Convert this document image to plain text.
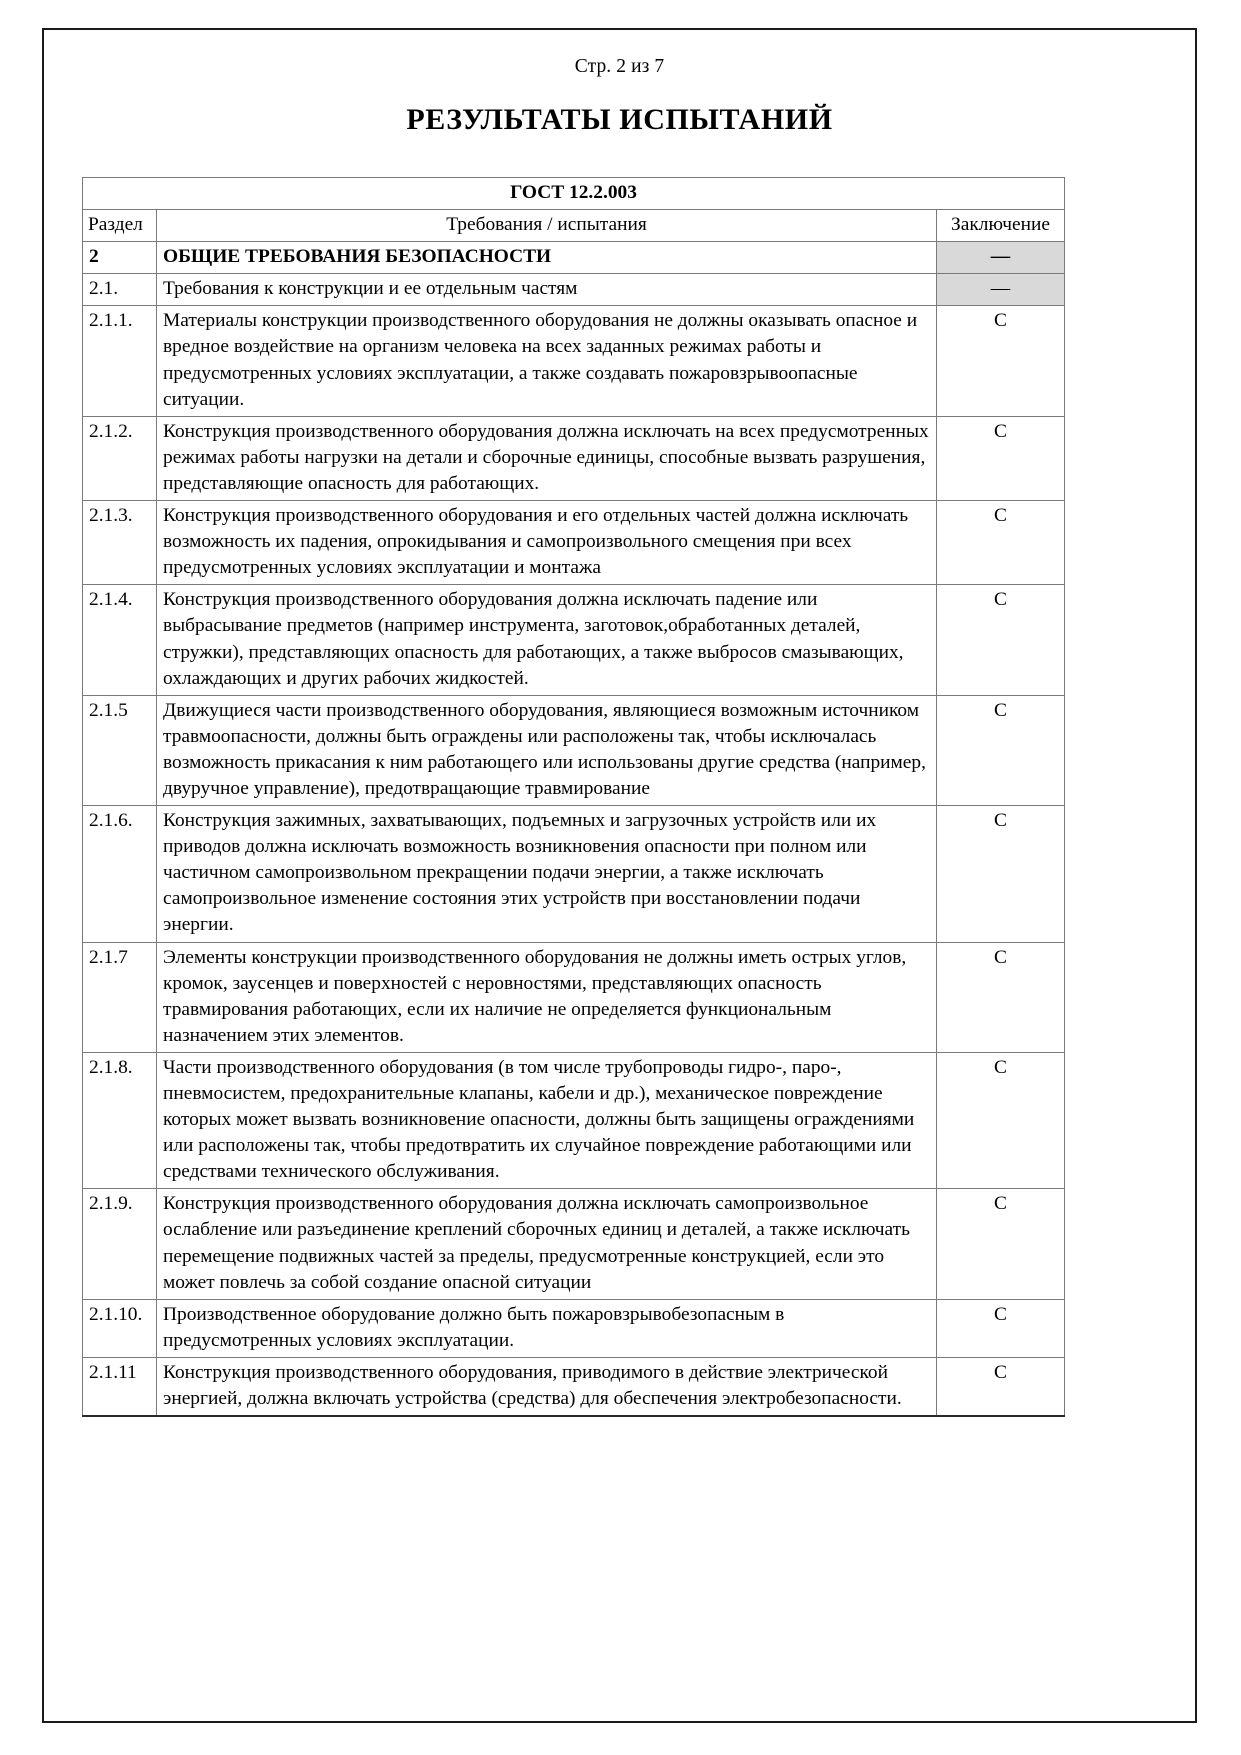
Стр. 2 из 7
РЕЗУЛЬТАТЫ ИСПЫТАНИЙ
ГОСТ 12.2.003		
Раздел	Требования / испытания	Заключение
2	ОБЩИЕ ТРЕБОВАНИЯ БЕЗОПАСНОСТИ	—
2.1.	Требования к конструкции и ее отдельным частям	—
2.1.1.	Материалы конструкции производственного оборудования не должны оказывать опасное и вредное воздействие на организм человека на всех заданных режимах работы и предусмотренных условиях эксплуатации, а также создавать пожаровзрывоопасные ситуации.	С
2.1.2.	Конструкция производственного оборудования должна исключать на всех предусмотренных режимах работы нагрузки на детали и сборочные единицы, способные вызвать разрушения, представляющие опасность для работающих.	С
2.1.3.	Конструкция производственного оборудования и его отдельных частей должна исключать возможность их падения, опрокидывания и самопроизвольного смещения при всех предусмотренных условиях эксплуатации и монтажа	С
2.1.4.	Конструкция производственного оборудования должна исключать падение или выбрасывание предметов (например инструмента, заготовок,обработанных деталей, стружки), представляющих опасность для работающих, а также выбросов смазывающих, охлаждающих и других рабочих жидкостей.	С
2.1.5	Движущиеся части производственного оборудования, являющиеся возможным источником травмоопасности, должны быть ограждены или расположены так, чтобы исключалась возможность прикасания к ним работающего или использованы другие средства (например, двуручное управление), предотвращающие травмирование	С
2.1.6.	Конструкция зажимных, захватывающих, подъемных и загрузочных устройств или их приводов должна исключать возможность возникновения опасности при полном или частичном самопроизвольном прекращении подачи энергии, а также исключать самопроизвольное изменение состояния этих устройств при восстановлении подачи энергии.	С
2.1.7	Элементы конструкции производственного оборудования не должны иметь острых углов, кромок, заусенцев и поверхностей с неровностями, представляющих опасность травмирования работающих, если их наличие не определяется функциональным назначением этих элементов.	С
2.1.8.	Части производственного оборудования (в том числе трубопроводы гидро-, паро-, пневмосистем, предохранительные клапаны, кабели и др.), механическое повреждение которых может вызвать возникновение опасности, должны быть защищены ограждениями или расположены так, чтобы предотвратить их случайное повреждение работающими или средствами технического обслуживания.	С
2.1.9.	Конструкция производственного оборудования должна исключать самопроизвольное ослабление или разъединение креплений сборочных единиц и деталей, а также исключать перемещение подвижных частей за пределы, предусмотренные конструкцией, если это может повлечь за собой создание опасной ситуации	С
2.1.10.	Производственное оборудование должно быть пожаровзрывобезопасным в предусмотренных условиях эксплуатации.	С
2.1.11	Конструкция производственного оборудования, приводимого в действие электрической энергией, должна включать устройства (средства) для обеспечения электробезопасности.	С
